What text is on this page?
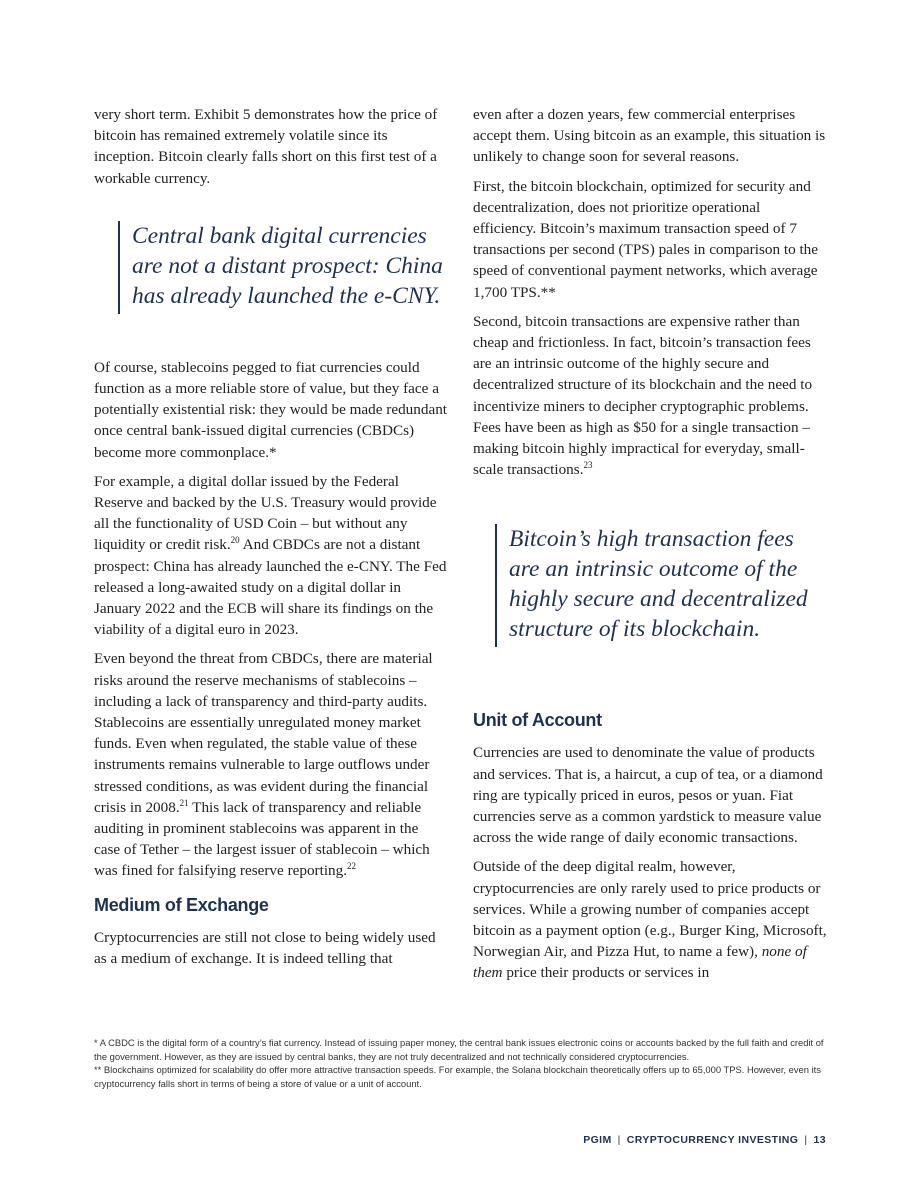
very short term. Exhibit 5 demonstrates how the price of bitcoin has remained extremely volatile since its inception. Bitcoin clearly falls short on this first test of a workable currency.

Central bank digital currencies are not a distant prospect: China has already launched the e-CNY.

Of course, stablecoins pegged to fiat currencies could function as a more reliable store of value, but they face a potentially existential risk: they would be made redundant once central bank-issued digital currencies (CBDCs) become more commonplace.*

For example, a digital dollar issued by the Federal Reserve and backed by the U.S. Treasury would provide all the functionality of USD Coin – but without any liquidity or credit risk.$^{20}$ And CBDCs are not a distant prospect: China has already launched the e-CNY. The Fed released a long-awaited study on a digital dollar in January 2022 and the ECB will share its findings on the viability of a digital euro in 2023.

Even beyond the threat from CBDCs, there are material risks around the reserve mechanisms of stablecoins – including a lack of transparency and third-party audits. Stablecoins are essentially unregulated money market funds. Even when regulated, the stable value of these instruments remains vulnerable to large outflows under stressed conditions, as was evident during the financial crisis in 2008.21 This lack of transparency and reliable auditing in prominent stablecoins was apparent in the case of Tether – the largest issuer of stablecoin – which was fined for falsifying reserve reporting.$^{22}$

Medium of Exchange

Cryptocurrencies are still not close to being widely used as a medium of exchange. It is indeed telling that

even after a dozen years, few commercial enterprises accept them. Using bitcoin as an example, this situation is unlikely to change soon for several reasons.

First, the bitcoin blockchain, optimized for security and decentralization, does not prioritize operational efficiency. Bitcoin’s maximum transaction speed of 7 transactions per second (TPS) pales in comparison to the speed of conventional payment networks, which average 1,700 TPS.**

Second, bitcoin transactions are expensive rather than cheap and frictionless. In fact, bitcoin’s transaction fees are an intrinsic outcome of the highly secure and decentralized structure of its blockchain and the need to incentivize miners to decipher cryptographic problems. Fees have been as high as $50 for a single transaction – making bitcoin highly impractical for everyday, small-scale transactions.$^{23}$

Bitcoin’s high transaction fees are an intrinsic outcome of the highly secure and decentralized structure of its blockchain.
Unit of Account

Currencies are used to denominate the value of products and services. That is, a haircut, a cup of tea, or a diamond ring are typically priced in euros, pesos or yuan. Fiat currencies serve as a common yardstick to measure value across the wide range of daily economic transactions.

Outside of the deep digital realm, however, cryptocurrencies are only rarely used to price products or services. While a growing number of companies accept bitcoin as a payment option (e.g., Burger King, Microsoft, Norwegian Air, and Pizza Hut, to name a few), none of them price their products or services in

* A CBDC is the digital form of a country’s fiat currency. Instead of issuing paper money, the central bank issues electronic coins or accounts backed by the full faith and credit of the government. However, as they are issued by central banks, they are not truly decentralized and not technically considered cryptocurrencies.

** Blockchains optimized for scalability do offer more attractive transaction speeds. For example, the Solana blockchain theoretically offers up to 65,000 TPS. However, even its cryptocurrency falls short in terms of being a store of value or a unit of account.

PGIM | CRYPTOCURRENCY INVESTING | 13
